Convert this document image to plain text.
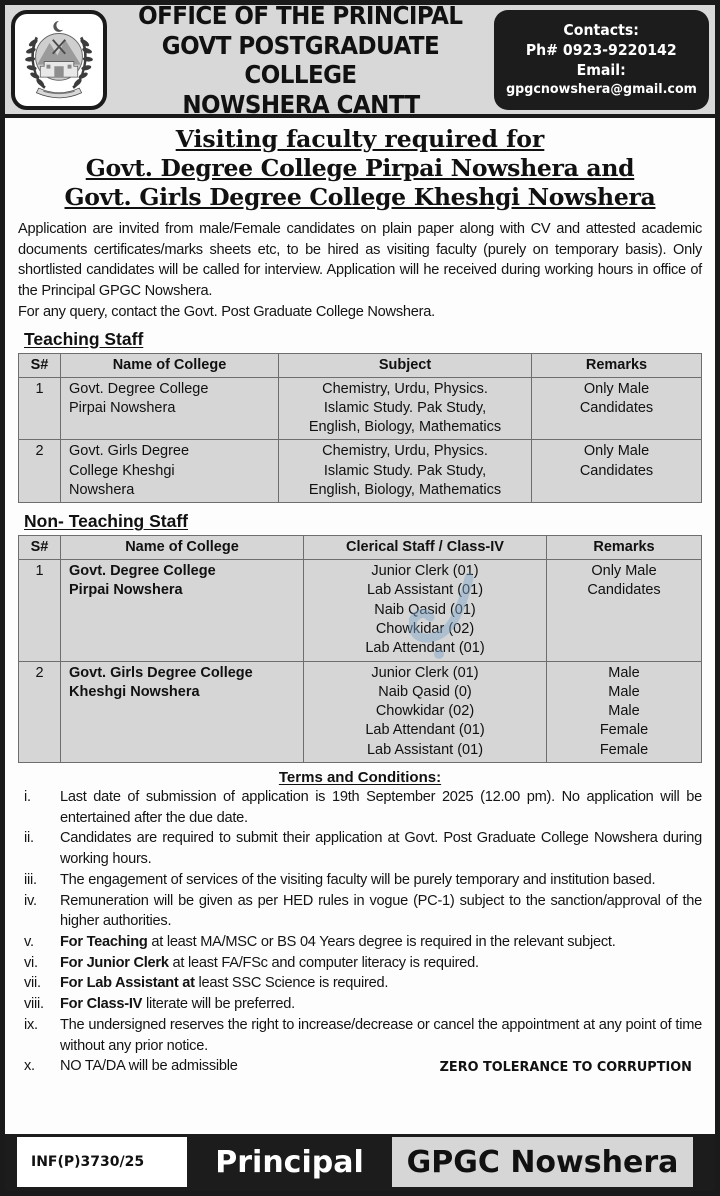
OFFICE OF THE PRINCIPAL
GOVT POSTGRADUATE COLLEGE
NOWSHERA CANTT
Contacts:
Ph# 0923-9220142
Email:
gpgcnowshera@gmail.com
Visiting faculty required for
Govt. Degree College Pirpai Nowshera and
Govt. Girls Degree College Kheshgi Nowshera

Application are invited from male/Female candidates on plain paper along with CV and attested academic documents certificates/marks sheets etc, to be hired as visiting faculty (purely on temporary basis). Only shortlisted candidates will be called for interview. Application will he received during working hours in office of the Principal GPGC Nowshera.

For any query, contact the Govt. Post Graduate College Nowshera.

Teaching Staff
S#	Name of College	Subject	Remarks
1	Govt. Degree College
Pirpai Nowshera	Chemistry, Urdu, Physics.
Islamic Study. Pak Study,
English, Biology, Mathematics	Only Male
Candidates

2	Govt. Girls Degree
College Kheshgi
Nowshera	Chemistry, Urdu, Physics.
Islamic Study. Pak Study,
English, Biology, Mathematics	Only Male
Candidates
Non- Teaching Staff
S#	Name of College	Clerical Staff / Class-IV	Remarks
1	Govt. Degree College
Pirpai Nowshera	Junior Clerk (01)
Lab Assistant (01)
Naib Qasid (01)
Chowkidar (02)
Lab Attendant (01)	Only Male
Candidates

2	Govt. Girls Degree College
Kheshgi Nowshera	Junior Clerk (01)
Naib Qasid (0)
Chowkidar (02)
Lab Attendant (01)
Lab Assistant (01)	Male
Male
Male
Female
Female
Terms and Conditions:
i.	Last date of submission of application is 19th September 2025 (12.00 pm). No application will be entertained after the due date.
ii.	Candidates are required to submit their application at Govt. Post Graduate College Nowshera during working hours.
iii.	The engagement of services of the visiting faculty will be purely temporary and institution based.
iv.	Remuneration will be given as per HED rules in vogue (PC-1) subject to the sanction/approval of the higher authorities.
v.	For Teaching at least MA/MSC or BS 04 Years degree is required in the relevant subject.
vi.	For Junior Clerk at least FA/FSc and computer literacy is required.
vii.	For Lab Assistant at least SSC Science is required.
viii.	For Class-IV literate will be preferred.
ix.	The undersigned reserves the right to increase/decrease or cancel the appointment at any point of time without any prior notice.
x.	NO TA/DA will be admissible	ZERO TOLERANCE TO CORRUPTION
INF(P)3730/25	Principal	GPGC Nowshera
